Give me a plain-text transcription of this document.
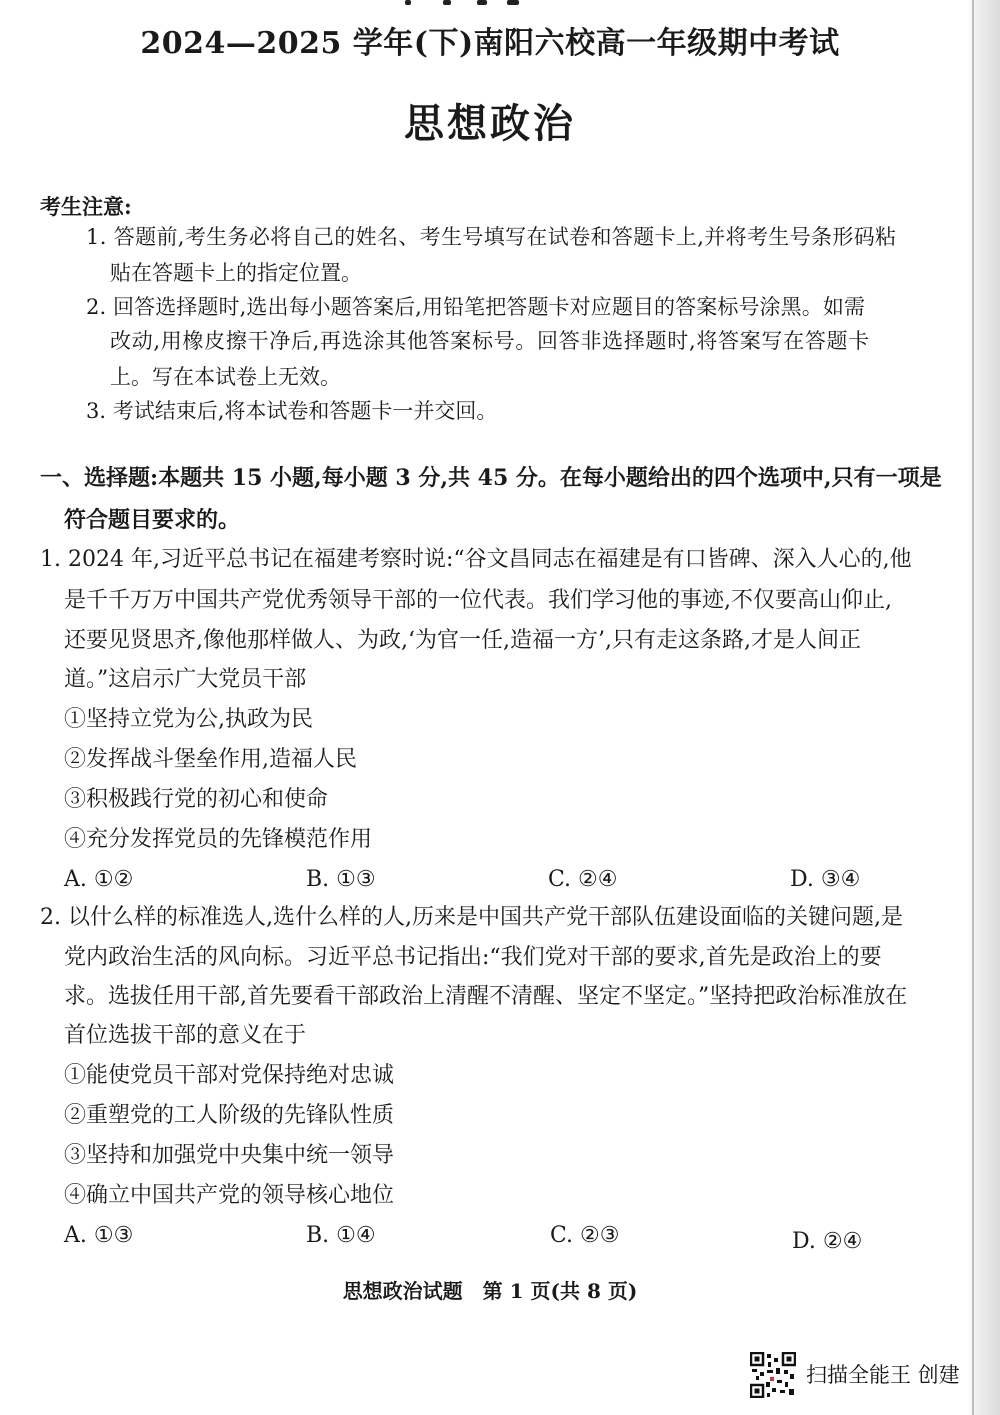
2024—2025 学年(下)南阳六校高一年级期中考试
思想政治
考生注意:
1. 答题前,考生务必将自己的姓名、考生号填写在试卷和答题卡上,并将考生号条形码粘
贴在答题卡上的指定位置。
2. 回答选择题时,选出每小题答案后,用铅笔把答题卡对应题目的答案标号涂黑。如需
改动,用橡皮擦干净后,再选涂其他答案标号。回答非选择题时,将答案写在答题卡
上。写在本试卷上无效。
3. 考试结束后,将本试卷和答题卡一并交回。
一、选择题:本题共 15 小题,每小题 3 分,共 45 分。在每小题给出的四个选项中,只有一项是
符合题目要求的。
1. 2024 年,习近平总书记在福建考察时说:“谷文昌同志在福建是有口皆碑、深入人心的,他
是千千万万中国共产党优秀领导干部的一位代表。我们学习他的事迹,不仅要高山仰止,
还要见贤思齐,像他那样做人、为政,‘为官一任,造福一方’,只有走这条路,才是人间正
道。”这启示广大党员干部
①坚持立党为公,执政为民
②发挥战斗堡垒作用,造福人民
③积极践行党的初心和使命
④充分发挥党员的先锋模范作用
A. ①②	B. ①③	C. ②④	D. ③④
2. 以什么样的标准选人,选什么样的人,历来是中国共产党干部队伍建设面临的关键问题,是
党内政治生活的风向标。习近平总书记指出:“我们党对干部的要求,首先是政治上的要
求。选拔任用干部,首先要看干部政治上清醒不清醒、坚定不坚定。”坚持把政治标准放在
首位选拔干部的意义在于
①能使党员干部对党保持绝对忠诚
②重塑党的工人阶级的先锋队性质
③坚持和加强党中央集中统一领导
④确立中国共产党的领导核心地位
A. ①③	B. ①④	C. ②③	D. ②④
思想政治试题　第 1 页(共 8 页)
扫描全能王 创建
